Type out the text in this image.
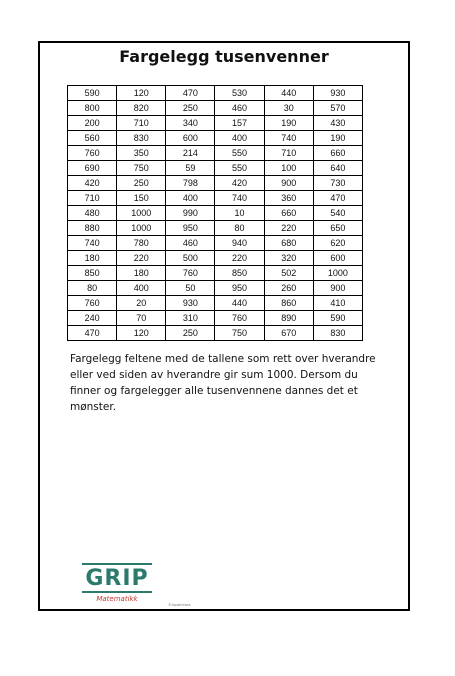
Fargelegg tusenvenner
590	120	470	530	440	930
800	820	250	460	30	570
200	710	340	157	190	430
560	830	600	400	740	190
760	350	214	550	710	660
690	750	59	550	100	640
420	250	798	420	900	730
710	150	400	740	360	470
480	1000	990	10	660	540
880	1000	950	80	220	650
740	780	460	940	680	620
180	220	500	220	320	600
850	180	760	850	502	1000
80	400	50	950	260	900
760	20	930	440	860	410
240	70	310	760	890	590
470	120	250	750	670	830
Fargelegg feltene med de tallene som rett over hverandre eller ved siden av hverandre gir sum 1000. Dersom du finner og fargelegger alle tusenvennene dannes det et mønster.
GRIP
Matematikk
©tipsbrtrsea
